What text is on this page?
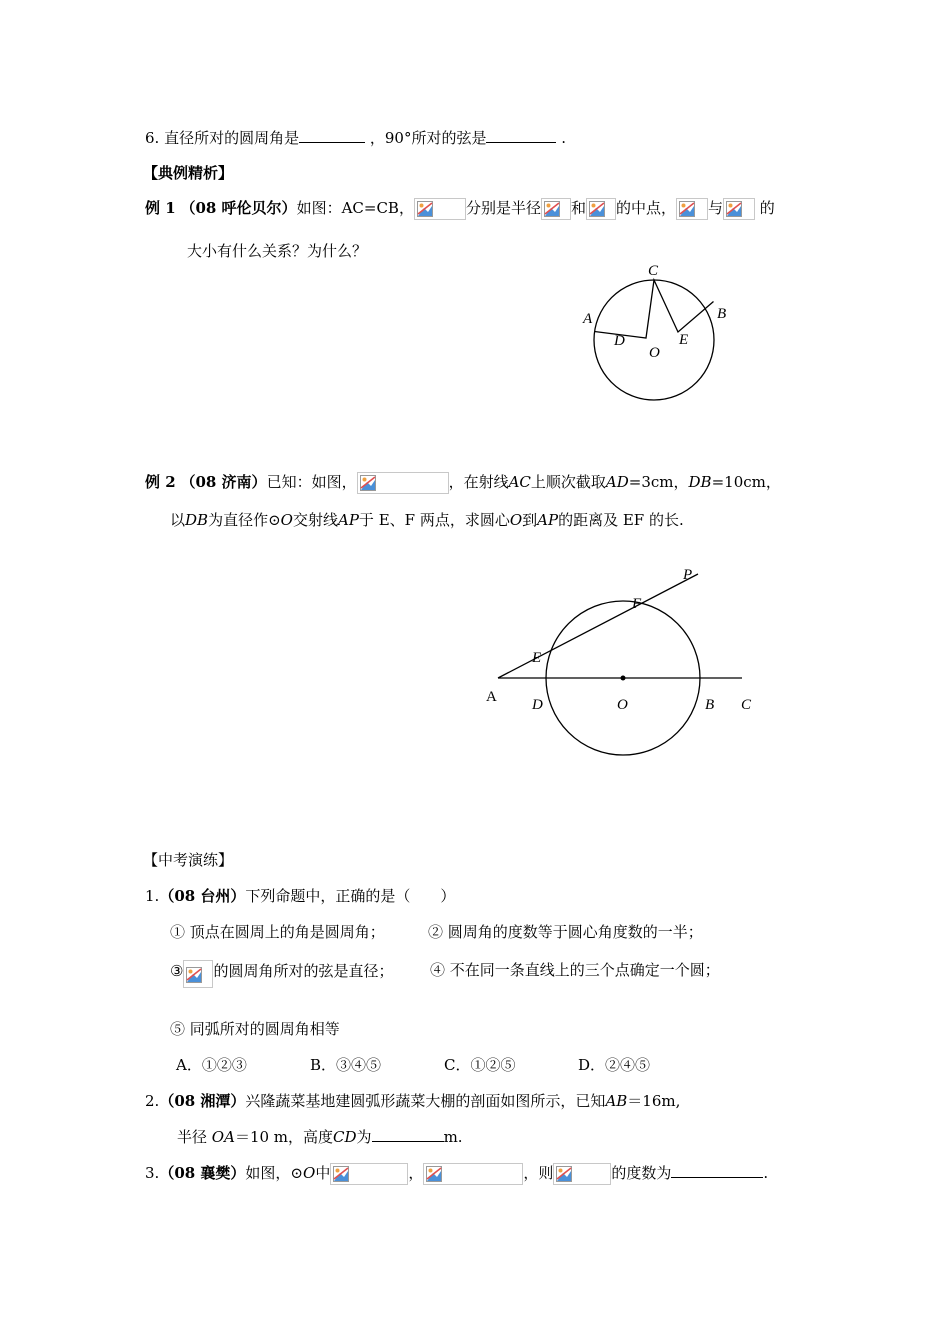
6. 直径所对的圆周角是	，90°所对的弦是	.
【典例精析】
例 1 （08 呼伦贝尔）如图：AC=CB，	分别是半径 和 的中点， 与 的
大小有什么关系？为什么？
C
A	B
D	E
O
例 2 （08 济南）已知：如图，	，在射线AC上顺次截取AD=3cm，DB=10cm，
以DB为直径作⊙O交射线AP于 E、F 两点，求圆心O到AP的距离及 EF 的长.
P
F
E
A D	O	B C
【中考演练】
1.（08 台州）下列命题中，正确的是（　　）
① 顶点在圆周上的角是圆周角；	② 圆周角的度数等于圆心角度数的一半；
③ 的圆周角所对的弦是直径； ④ 不在同一条直线上的三个点确定一个圆；
⑤ 同弧所对的圆周角相等
A．①②③	B．③④⑤	C．①②⑤	D．②④⑤
2.（08 湘潭）兴隆蔬菜基地建圆弧形蔬菜大棚的剖面如图所示，已知AB＝16m,
半径 OA＝10 m，高度CD为	m.
3.（08 襄樊）如图，⊙O中	，	，则	的度数为	.
